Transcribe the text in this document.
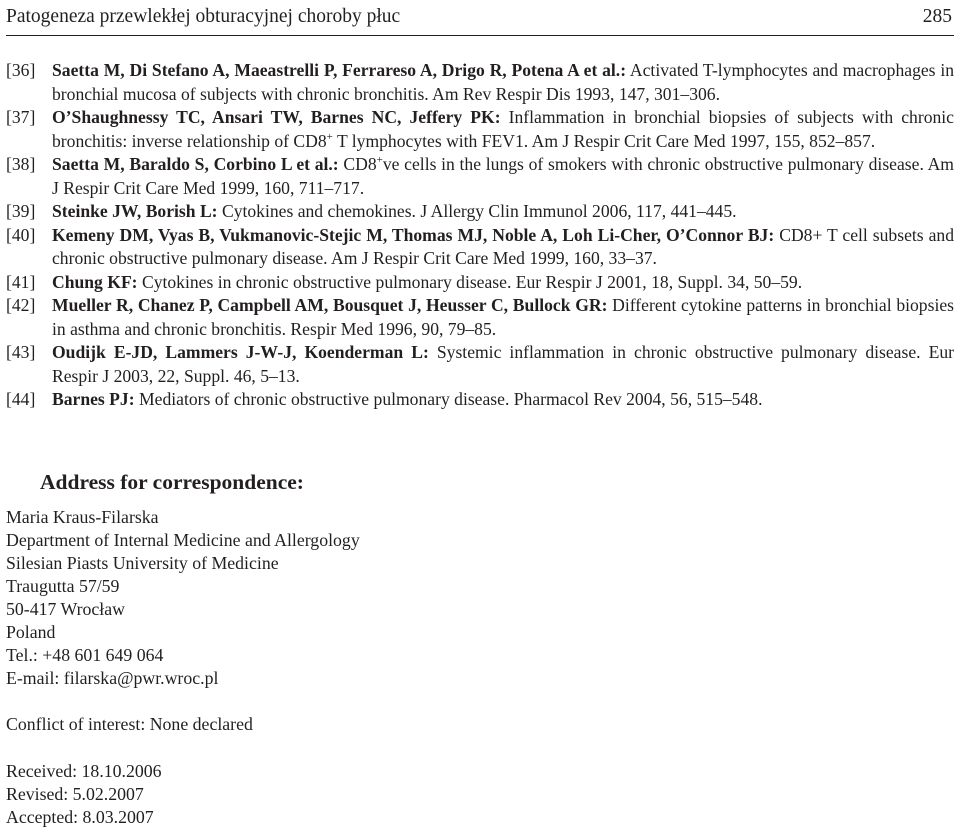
Patogeneza przewlekłej obturacyjnej choroby płuc	285
[36] Saetta M, Di Stefano A, Maeastrelli P, Ferrareso A, Drigo R, Potena A et al.: Activated T-lymphocytes and macrophages in bronchial mucosa of subjects with chronic bronchitis. Am Rev Respir Dis 1993, 147, 301–306.
[37] O’Shaughnessy TC, Ansari TW, Barnes NC, Jeffery PK: Inflammation in bronchial biopsies of subjects with chronic bronchitis: inverse relationship of CD8+ T lymphocytes with FEV1. Am J Respir Crit Care Med 1997, 155, 852–857.
[38] Saetta M, Baraldo S, Corbino L et al.: CD8+ve cells in the lungs of smokers with chronic obstructive pulmonary disease. Am J Respir Crit Care Med 1999, 160, 711–717.
[39] Steinke JW, Borish L: Cytokines and chemokines. J Allergy Clin Immunol 2006, 117, 441–445.
[40] Kemeny DM, Vyas B, Vukmanovic-Stejic M, Thomas MJ, Noble A, Loh Li-Cher, O’Connor BJ: CD8+ T cell subsets and chronic obstructive pulmonary disease. Am J Respir Crit Care Med 1999, 160, 33–37.
[41] Chung KF: Cytokines in chronic obstructive pulmonary disease. Eur Respir J 2001, 18, Suppl. 34, 50–59.
[42] Mueller R, Chanez P, Campbell AM, Bousquet J, Heusser C, Bullock GR: Different cytokine patterns in bronchial biopsies in asthma and chronic bronchitis. Respir Med 1996, 90, 79–85.
[43] Oudijk E-JD, Lammers J-W-J, Koenderman L: Systemic inflammation in chronic obstructive pulmonary disease. Eur Respir J 2003, 22, Suppl. 46, 5–13.
[44] Barnes PJ: Mediators of chronic obstructive pulmonary disease. Pharmacol Rev 2004, 56, 515–548.
Address for correspondence:
Maria Kraus-Filarska
Department of Internal Medicine and Allergology
Silesian Piasts University of Medicine
Traugutta 57/59
50-417 Wrocław
Poland
Tel.: +48 601 649 064
E-mail: filarska@pwr.wroc.pl
Conflict of interest: None declared
Received: 18.10.2006
Revised: 5.02.2007
Accepted: 8.03.2007
